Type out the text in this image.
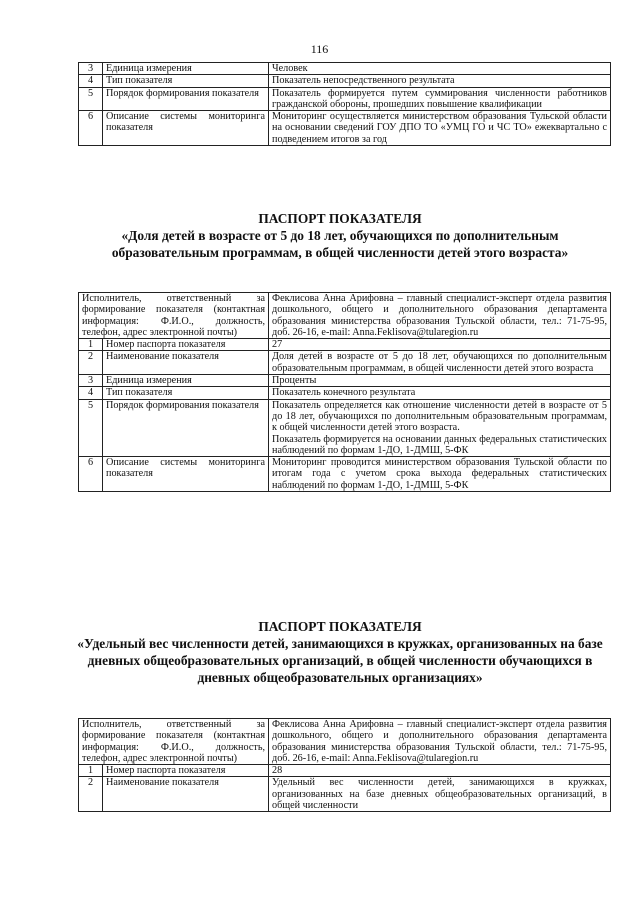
116
3	Единица измерения	Человек
4	Тип показателя	Показатель непосредственного результата
5	Порядок формирования показателя	Показатель формируется путем суммирования численности работников гражданской обороны, прошедших повышение квалификации
6	Описание системы мониторинга показателя	Мониторинг осуществляется министерством образования Тульской области на основании сведений ГОУ ДПО ТО «УМЦ ГО и ЧС ТО» ежеквартально с подведением итогов за год
ПАСПОРТ ПОКАЗАТЕЛЯ
«Доля детей в возрасте от 5 до 18 лет, обучающихся по дополнительным образовательным программам, в общей численности детей этого возраста»
Исполнитель, ответственный за формирование показателя (контактная информация: Ф.И.О., должность, телефон, адрес электронной почты)		Феклисова Анна Арифовна – главный специалист-эксперт отдела развития дошкольного, общего и дополнительного образования департамента образования министерства образования Тульской области, тел.: 71-75-95, доб. 26-16, e-mail: Anna.Feklisova@tularegion.ru
1	Номер паспорта показателя	27
2	Наименование показателя	Доля детей в возрасте от 5 до 18 лет, обучающихся по дополнительным образовательным программам, в общей численности детей этого возраста
3	Единица измерения	Проценты
4	Тип показателя	Показатель конечного результата
5	Порядок формирования показателя	Показатель определяется как отношение численности детей в возрасте от 5 до 18 лет, обучающихся по дополнительным образовательным программам, к общей численности детей этого возраста.
Показатель формируется на основании данных федеральных статистических наблюдений по формам 1-ДО, 1-ДМШ, 5-ФК

6	Описание системы мониторинга показателя	Мониторинг проводится министерством образования Тульской области по итогам года с учетом срока выхода федеральных статистических наблюдений по формам 1-ДО, 1-ДМШ, 5-ФК
ПАСПОРТ ПОКАЗАТЕЛЯ
«Удельный вес численности детей, занимающихся в кружках, организованных на базе дневных общеобразовательных организаций, в общей численности обучающихся в дневных общеобразовательных организациях»
Исполнитель, ответственный за формирование показателя (контактная информация: Ф.И.О., должность, телефон, адрес электронной почты)		Феклисова Анна Арифовна – главный специалист-эксперт отдела развития дошкольного, общего и дополнительного образования департамента образования министерства образования Тульской области, тел.: 71-75-95, доб. 26-16, e-mail: Anna.Feklisova@tularegion.ru
1	Номер паспорта показателя	28
2	Наименование показателя	Удельный вес численности детей, занимающихся в кружках, организованных на базе дневных общеобразовательных организаций, в общей численности
